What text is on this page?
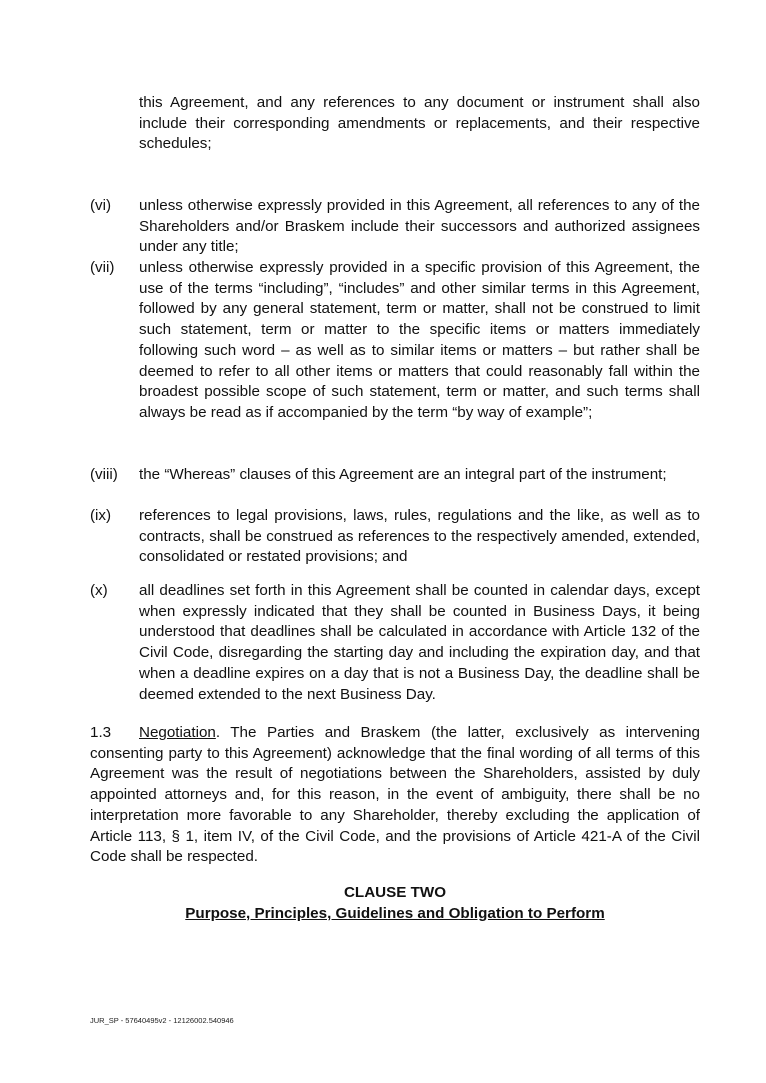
this Agreement, and any references to any document or instrument shall also include their corresponding amendments or replacements, and their respective schedules;
(vi)	unless otherwise expressly provided in this Agreement, all references to any of the Shareholders and/or Braskem include their successors and authorized assignees under any title;
(vii)	unless otherwise expressly provided in a specific provision of this Agreement, the use of the terms “including”, “includes” and other similar terms in this Agreement, followed by any general statement, term or matter, shall not be construed to limit such statement, term or matter to the specific items or matters immediately following such word – as well as to similar items or matters – but rather shall be deemed to refer to all other items or matters that could reasonably fall within the broadest possible scope of such statement, term or matter, and such terms shall always be read as if accompanied by the term “by way of example”;
(viii)	the “Whereas” clauses of this Agreement are an integral part of the instrument;
(ix)	references to legal provisions, laws, rules, regulations and the like, as well as to contracts, shall be construed as references to the respectively amended, extended, consolidated or restated provisions; and
(x)	all deadlines set forth in this Agreement shall be counted in calendar days, except when expressly indicated that they shall be counted in Business Days, it being understood that deadlines shall be calculated in accordance with Article 132 of the Civil Code, disregarding the starting day and including the expiration day, and that when a deadline expires on a day that is not a Business Day, the deadline shall be deemed extended to the next Business Day.
1.3 Negotiation. The Parties and Braskem (the latter, exclusively as intervening consenting party to this Agreement) acknowledge that the final wording of all terms of this Agreement was the result of negotiations between the Shareholders, assisted by duly appointed attorneys and, for this reason, in the event of ambiguity, there shall be no interpretation more favorable to any Shareholder, thereby excluding the application of Article 113, § 1, item IV, of the Civil Code, and the provisions of Article 421-A of the Civil Code shall be respected.
CLAUSE TWO
Purpose, Principles, Guidelines and Obligation to Perform
JUR_SP - 57640495v2 - 12126002.540946
